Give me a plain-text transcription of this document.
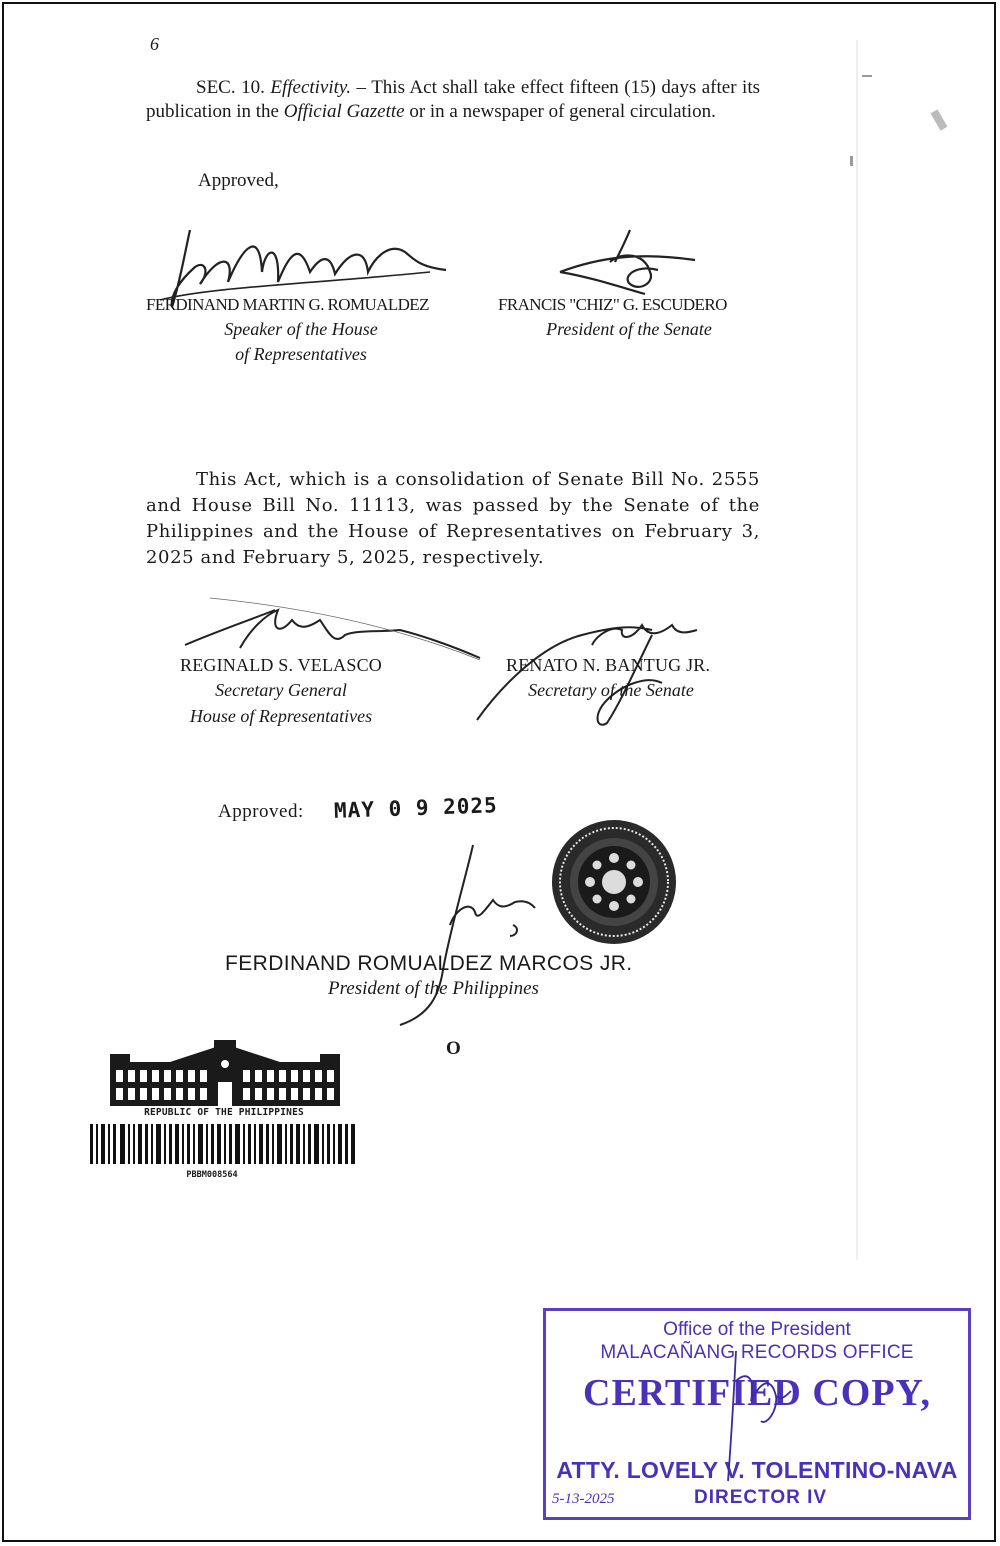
6
SEC. 10. Effectivity. – This Act shall take effect fifteen (15) days after its publication in the Official Gazette or in a newspaper of general circulation.
Approved,
FERDINAND MARTIN G. ROMUALDEZ
Speaker of the House
of Representatives
FRANCIS "CHIZ" G. ESCUDERO
President of the Senate
This Act, which is a consolidation of Senate Bill No. 2555 and House Bill No. 11113, was passed by the Senate of the Philippines and the House of Representatives on February 3, 2025 and February 5, 2025, respectively.
REGINALD S. VELASCO
Secretary General
House of Representatives
RENATO N. BANTUG JR.
Secretary of the Senate
Approved: MAY 0 9 2025
FERDINAND ROMUALDEZ MARCOS JR.
President of the Philippines
O
REPUBLIC OF THE PHILIPPINES
PBBM008564
Office of the President
MALACAÑANG RECORDS OFFICE
CERTIFIED COPY,
ATTY. LOVELY V. TOLENTINO-NAVA
DIRECTOR IV
5-13-2025
